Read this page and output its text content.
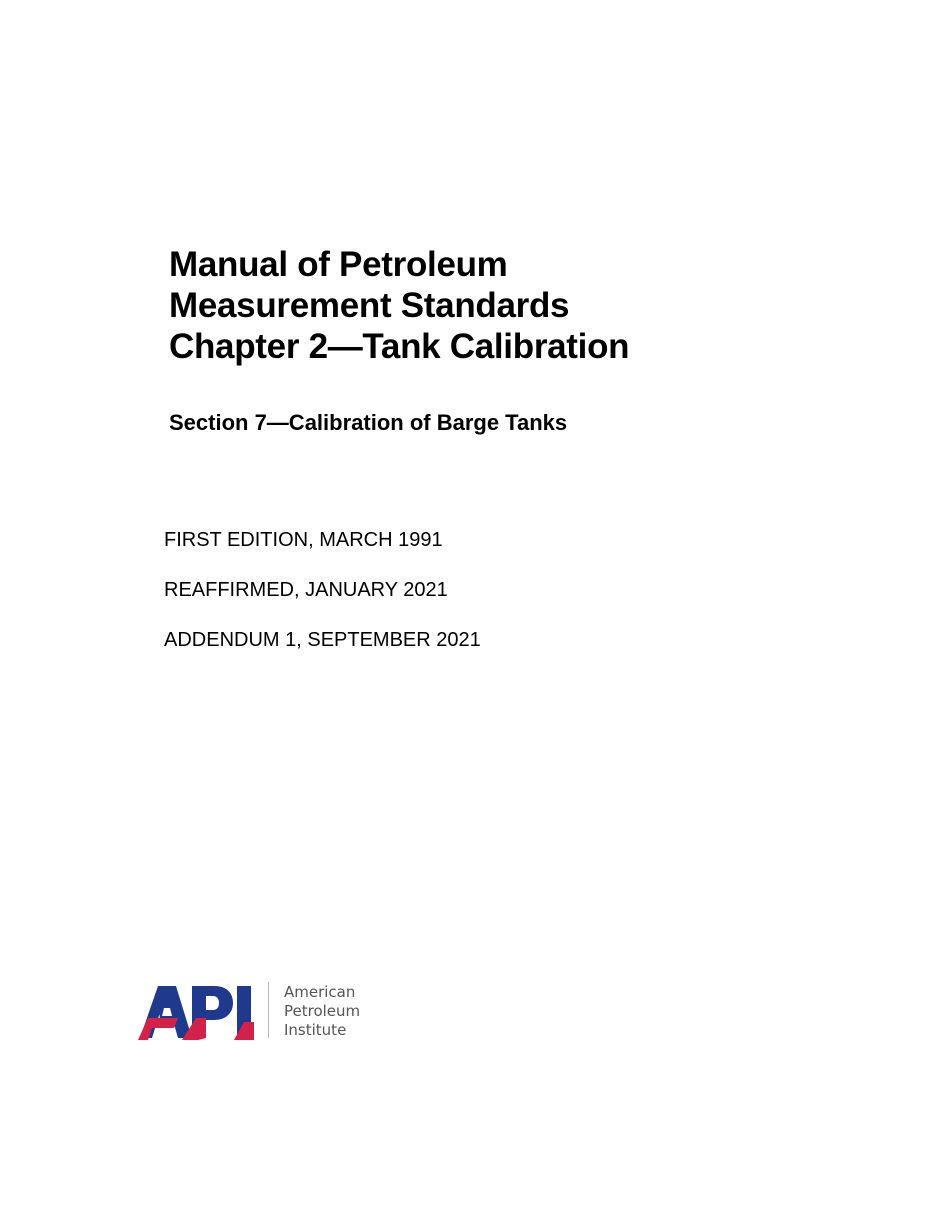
Manual of Petroleum
Measurement Standards
Chapter 2—Tank Calibration
Section 7—Calibration of Barge Tanks
FIRST EDITION, MARCH 1991
REAFFIRMED, JANUARY 2021
ADDENDUM 1, SEPTEMBER 2021
American
Petroleum
Institute
